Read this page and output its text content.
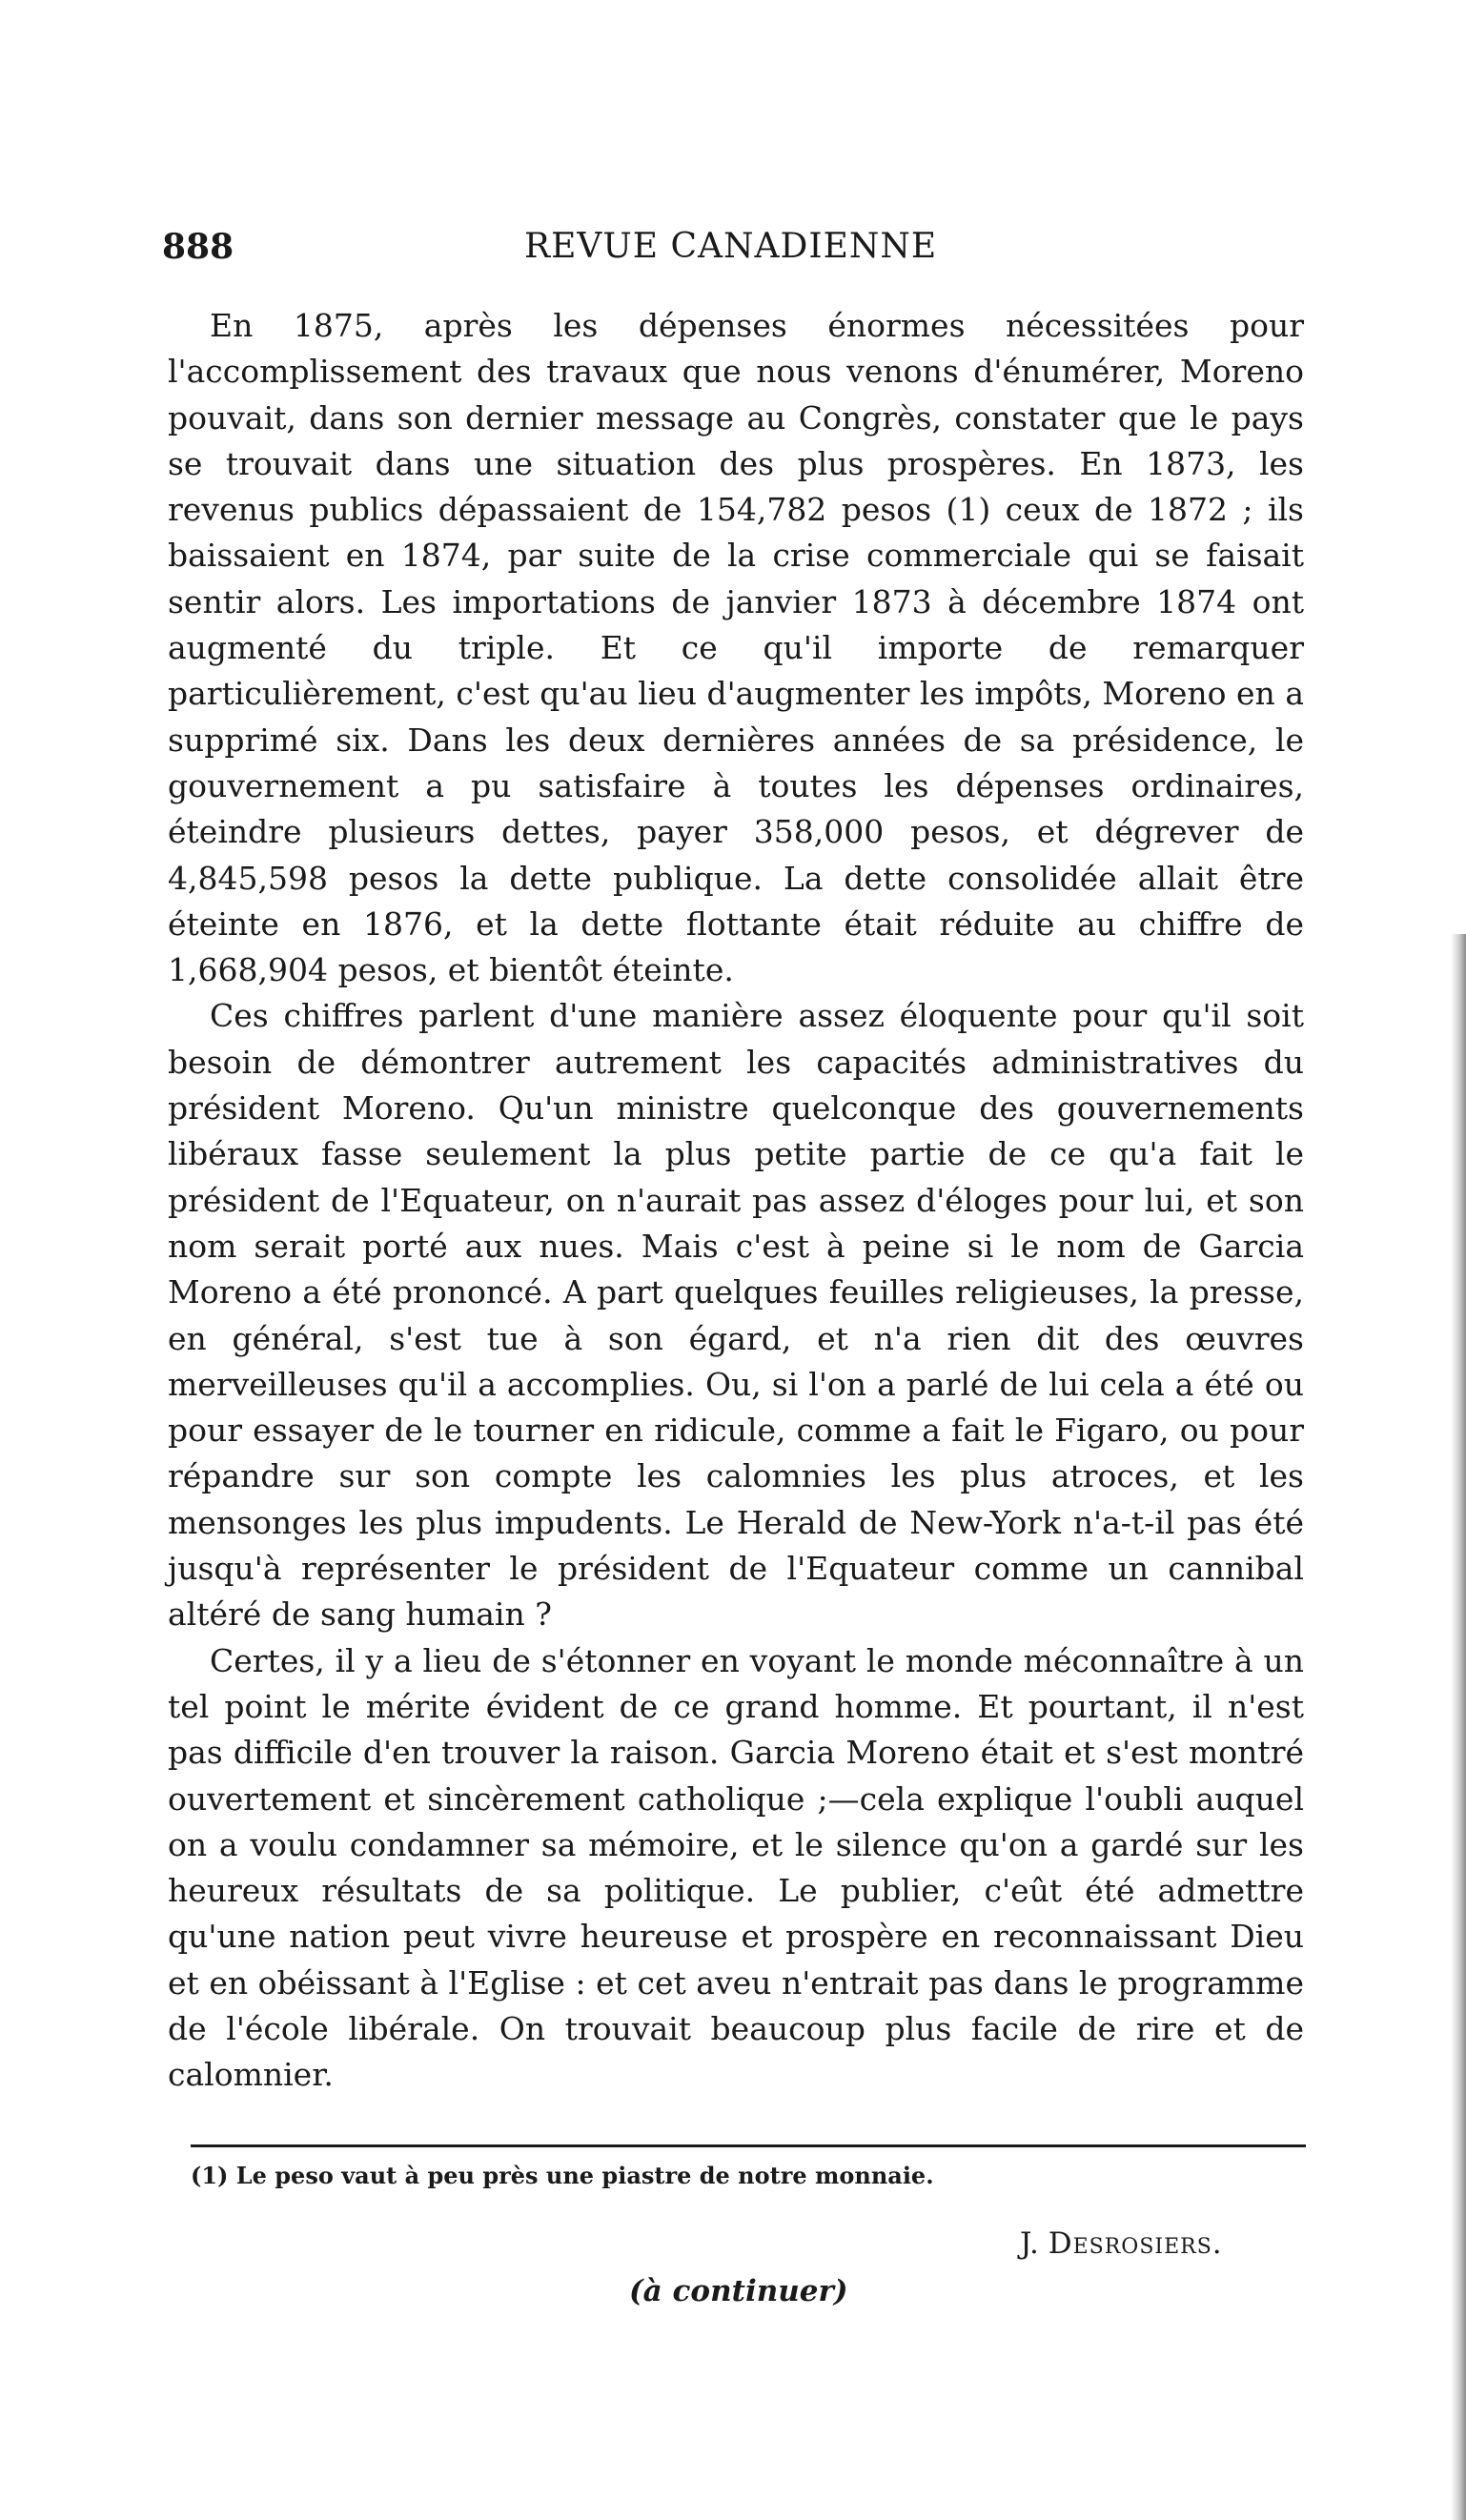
888	REVUE CANADIENNE

En 1875, après les dépenses énormes nécessitées pour l'accomplissement des travaux que nous venons d'énumérer, Moreno pouvait, dans son dernier message au Congrès, constater que le pays se trouvait dans une situation des plus prospères. En 1873, les revenus publics dépassaient de 154,782 pesos (1) ceux de 1872 ; ils baissaient en 1874, par suite de la crise commerciale qui se faisait sentir alors. Les importations de janvier 1873 à décembre 1874 ont augmenté du triple. Et ce qu'il importe de remarquer particulièrement, c'est qu'au lieu d'augmenter les impôts, Moreno en a supprimé six. Dans les deux dernières années de sa présidence, le gouvernement a pu satisfaire à toutes les dépenses ordinaires, éteindre plusieurs dettes, payer 358,000 pesos, et dégrever de 4,845,598 pesos la dette publique. La dette consolidée allait être éteinte en 1876, et la dette flottante était réduite au chiffre de 1,668,904 pesos, et bientôt éteinte.

Ces chiffres parlent d'une manière assez éloquente pour qu'il soit besoin de démontrer autrement les capacités administratives du président Moreno. Qu'un ministre quelconque des gouvernements libéraux fasse seulement la plus petite partie de ce qu'a fait le président de l'Equateur, on n'aurait pas assez d'éloges pour lui, et son nom serait porté aux nues. Mais c'est à peine si le nom de Garcia Moreno a été prononcé. A part quelques feuilles religieuses, la presse, en général, s'est tue à son égard, et n'a rien dit des œuvres merveilleuses qu'il a accomplies. Ou, si l'on a parlé de lui cela a été ou pour essayer de le tourner en ridicule, comme a fait le Figaro, ou pour répandre sur son compte les calomnies les plus atroces, et les mensonges les plus impudents. Le Herald de New-York n'a-t-il pas été jusqu'à représenter le président de l'Equateur comme un cannibal altéré de sang humain ?

Certes, il y a lieu de s'étonner en voyant le monde méconnaître à un tel point le mérite évident de ce grand homme. Et pourtant, il n'est pas difficile d'en trouver la raison. Garcia Moreno était et s'est montré ouvertement et sincèrement catholique ;—cela explique l'oubli auquel on a voulu condamner sa mémoire, et le silence qu'on a gardé sur les heureux résultats de sa politique. Le publier, c'eût été admettre qu'une nation peut vivre heureuse et prospère en reconnaissant Dieu et en obéissant à l'Eglise : et cet aveu n'entrait pas dans le programme de l'école libérale. On trouvait beaucoup plus facile de rire et de calomnier.

(1) Le peso vaut à peu près une piastre de notre monnaie.
J. Desrosiers.
(à continuer)
